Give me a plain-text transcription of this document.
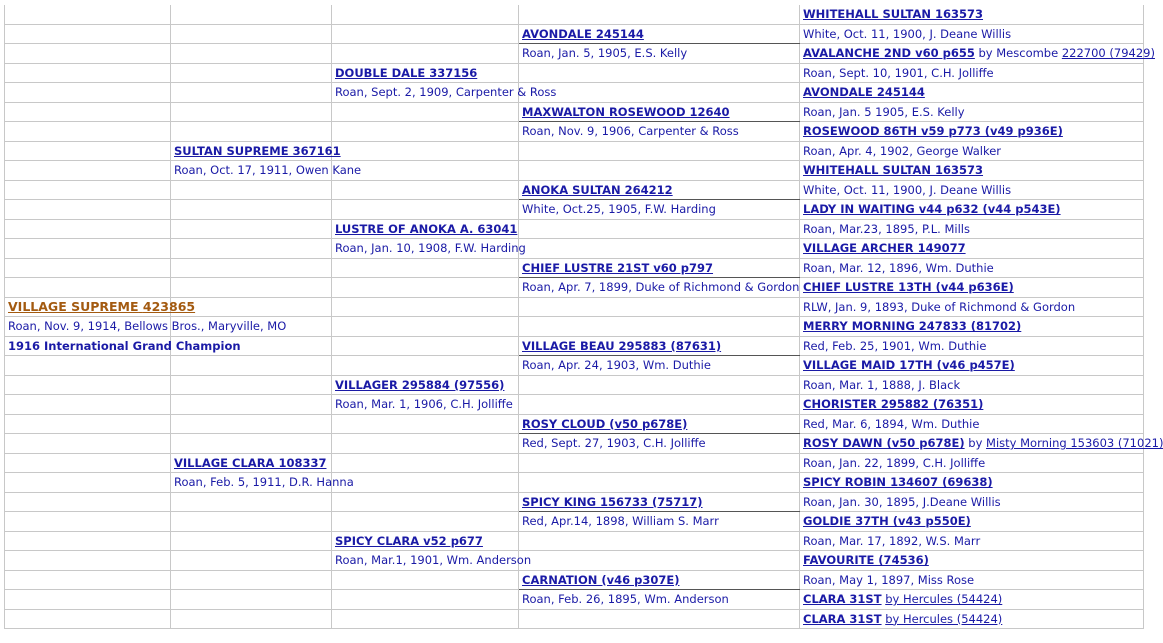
				WHITEHALL SULTAN 163573
			AVONDALE 245144	White, Oct. 11, 1900, J. Deane Willis
			Roan, Jan. 5, 1905, E.S. Kelly	AVALANCHE 2ND v60 p655 by Mescombe 222700 (79429)
		DOUBLE DALE 337156		Roan, Sept. 10, 1901, C.H. Jolliffe
		Roan, Sept. 2, 1909, Carpenter & Ross		AVONDALE 245144
			MAXWALTON ROSEWOOD 12640	Roan, Jan. 5 1905, E.S. Kelly
			Roan, Nov. 9, 1906, Carpenter & Ross	ROSEWOOD 86TH v59 p773 (v49 p936E)
	SULTAN SUPREME 367161			Roan, Apr. 4, 1902, George Walker
	Roan, Oct. 17, 1911, Owen Kane			WHITEHALL SULTAN 163573
			ANOKA SULTAN 264212	White, Oct. 11, 1900, J. Deane Willis
			White, Oct.25, 1905, F.W. Harding	LADY IN WAITING v44 p632 (v44 p543E)
		LUSTRE OF ANOKA A. 63041		Roan, Mar.23, 1895, P.L. Mills
		Roan, Jan. 10, 1908, F.W. Harding		VILLAGE ARCHER 149077
			CHIEF LUSTRE 21ST v60 p797	Roan, Mar. 12, 1896, Wm. Duthie
			Roan, Apr. 7, 1899, Duke of Richmond & Gordon	CHIEF LUSTRE 13TH (v44 p636E)
VILLAGE SUPREME 423865				RLW, Jan. 9, 1893, Duke of Richmond & Gordon
Roan, Nov. 9, 1914, Bellows Bros., Maryville, MO				MERRY MORNING 247833 (81702)
1916 International Grand Champion			VILLAGE BEAU 295883 (87631)	Red, Feb. 25, 1901, Wm. Duthie
			Roan, Apr. 24, 1903, Wm. Duthie	VILLAGE MAID 17TH (v46 p457E)
		VILLAGER 295884 (97556)		Roan, Mar. 1, 1888, J. Black
		Roan, Mar. 1, 1906, C.H. Jolliffe		CHORISTER 295882 (76351)
			ROSY CLOUD (v50 p678E)	Red, Mar. 6, 1894, Wm. Duthie
			Red, Sept. 27, 1903, C.H. Jolliffe	ROSY DAWN (v50 p678E) by Misty Morning 153603 (71021)
	VILLAGE CLARA 108337			Roan, Jan. 22, 1899, C.H. Jolliffe
	Roan, Feb. 5, 1911, D.R. Hanna			SPICY ROBIN 134607 (69638)
			SPICY KING 156733 (75717)	Roan, Jan. 30, 1895, J.Deane Willis
			Red, Apr.14, 1898, William S. Marr	GOLDIE 37TH (v43 p550E)
		SPICY CLARA v52 p677		Roan, Mar. 17, 1892, W.S. Marr
		Roan, Mar.1, 1901, Wm. Anderson		FAVOURITE (74536)
			CARNATION (v46 p307E)	Roan, May 1, 1897, Miss Rose
			Roan, Feb. 26, 1895, Wm. Anderson	CLARA 31ST by Hercules (54424)
				CLARA 31ST by Hercules (54424)
